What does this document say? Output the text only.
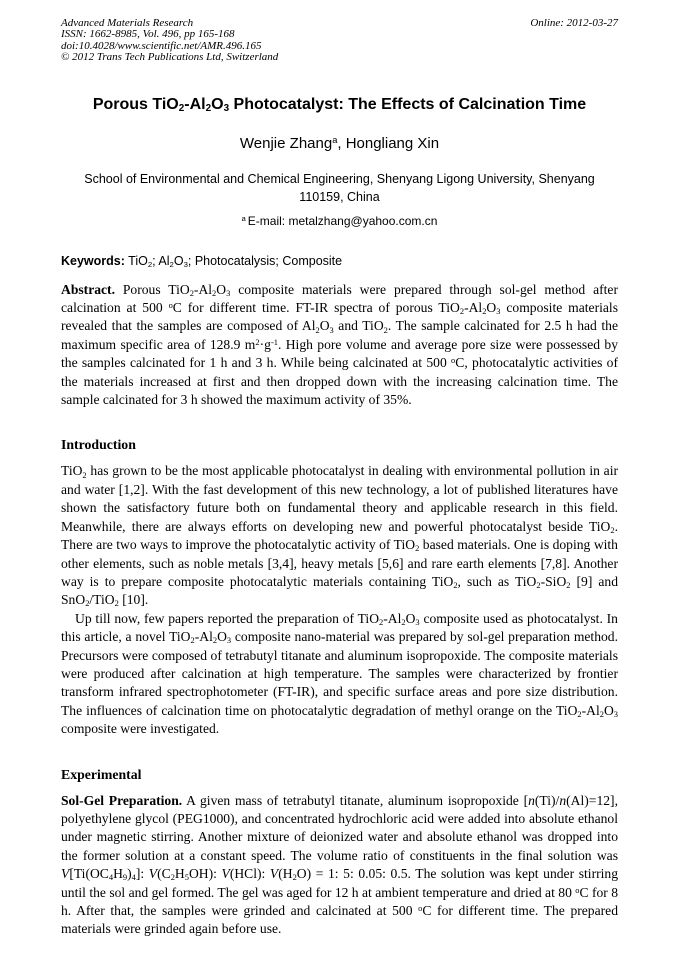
Advanced Materials Research
ISSN: 1662-8985, Vol. 496, pp 165-168
doi:10.4028/www.scientific.net/AMR.496.165
© 2012 Trans Tech Publications Ltd, Switzerland
Online: 2012-03-27
Porous $TiO_2-Al_2O_3$ Photocatalyst: The Effects of Calcination Time
Wenjie Zhang$^a$, Hongliang Xin
School of Environmental and Chemical Engineering, Shenyang Ligong University, Shenyang 110159, China
$^a$ E-mail: metalzhang@yahoo.com.cn

Keywords: TiO$_2$; $Al_2O_3$; Photocatalysis; Composite

Abstract. Porous $TiO_2-Al_2O_3$ composite materials were prepared through sol-gel method after calcination at 500 $^o$C for different time. FT-IR spectra of porous $TiO_2-Al_2O_3$ composite materials revealed that the samples are composed of $Al_2O_3$ and TiO$_2$. The sample calcinated for 2.5 h had the maximum specific area of 128.9 $m^2\cdot g^{-1}$. High pore volume and average pore size were possessed by the samples calcinated for 1 h and 3 h. While being calcinated at 500 $^o$C, photocatalytic activities of the materials increased at first and then dropped down with the increasing calcination time. The sample calcinated for 3 h showed the maximum activity of 35%.

Introduction

TiO$_2$ has grown to be the most applicable photocatalyst in dealing with environmental pollution in air and water [1,2]. With the fast development of this new technology, a lot of published literatures have shown the satisfactory future both on fundamental theory and applicable research in this field. Meanwhile, there are always efforts on developing new and powerful photocatalyst beside TiO$_2$. There are two ways to improve the photocatalytic activity of TiO$_2$ based materials. One is doping with other elements, such as noble metals [3,4], heavy metals [5,6] and rare earth elements [7,8]. Another way is to prepare composite photocatalytic materials containing TiO$_2$, such as TiO$_2$-SiO$_2$ [9] and SnO$_2$/TiO$_2$ [10].

Up till now, few papers reported the preparation of $TiO_2-Al_2O_3$ composite used as photocatalyst. In this article, a novel $TiO_2-Al_2O_3$ composite nano-material was prepared by sol-gel preparation method. Precursors were composed of tetrabutyl titanate and aluminum isopropoxide. The composite materials were produced after calcination at high temperature. The samples were characterized by frontier transform infrared spectrophotometer (FT-IR), and specific surface areas and pore size distribution. The influences of calcination time on photocatalytic degradation of methyl orange on the $TiO_2-Al_2O_3$ composite were investigated.

Experimental

Sol-Gel Preparation. A given mass of tetrabutyl titanate, aluminum isopropoxide [n(Ti)/n(Al)=12], polyethylene glycol (PEG1000), and concentrated hydrochloric acid were added into absolute ethanol under magnetic stirring. Another mixture of deionized water and absolute ethanol was dropped into the former solution at a constant speed. The volume ratio of constituents in the final solution was $V[Ti(OC_4H_9)_4]$: $V(C_2H_5OH)$: V(HCl): $V(H_2O) = 1$: 5: 0.05: 0.5. The solution was kept under stirring until the sol and gel formed. The gel was aged for 12 h at ambient temperature and dried at 80 $^o$C for 8 h. After that, the samples were grinded and calcinated at 500 $^o$C for different time. The prepared materials were grinded again before use.
